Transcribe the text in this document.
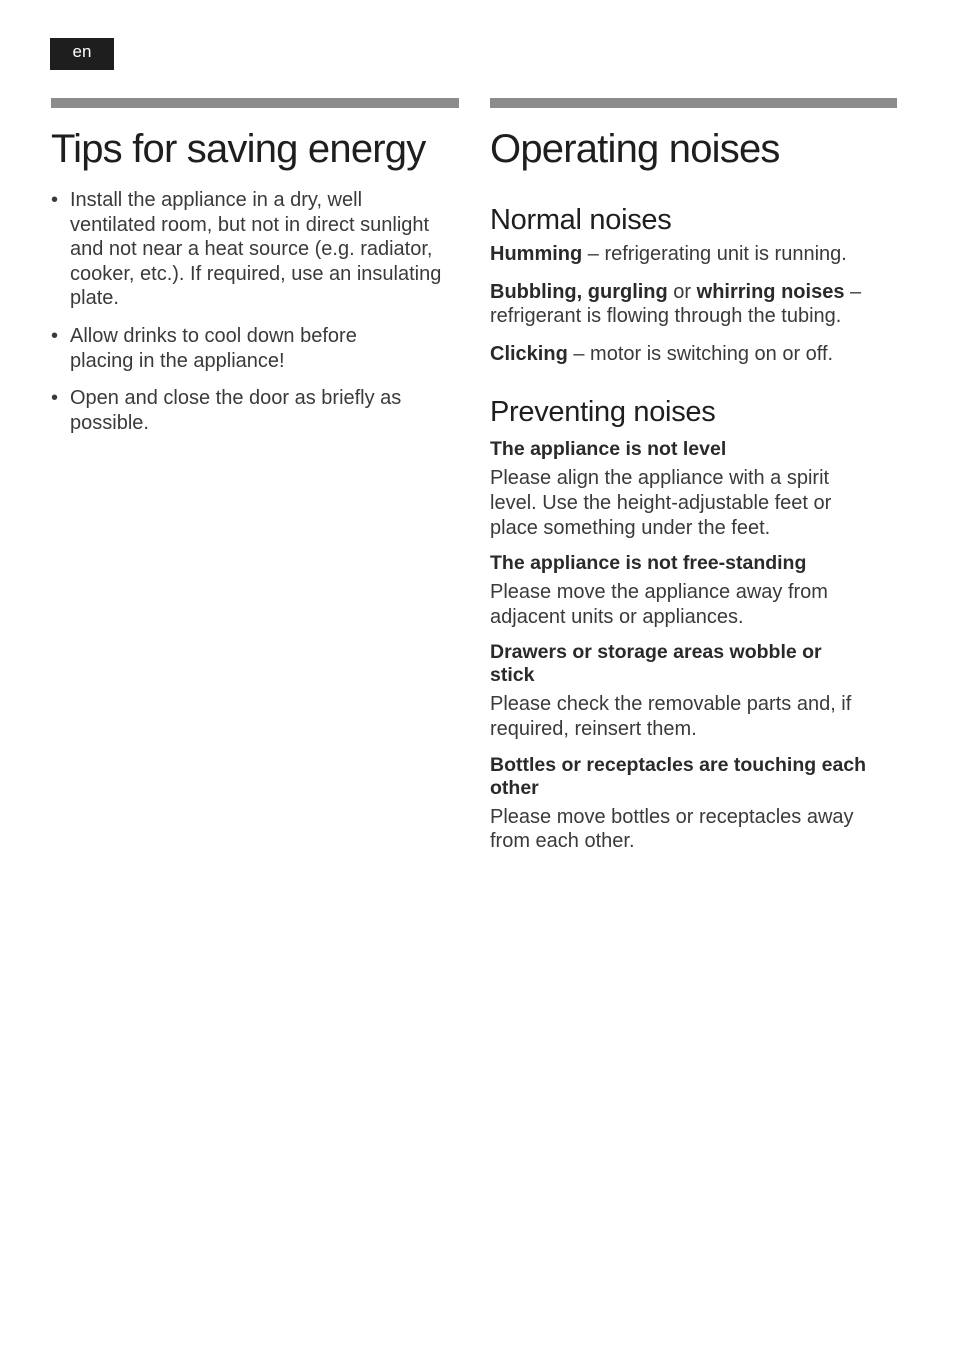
en
Tips for saving energy
• Install the appliance in a dry, well ventilated room, but not in direct sunlight and not near a heat source (e.g. radiator, cooker, etc.). If required, use an insulating plate.
• Allow drinks to cool down before placing in the appliance!
• Open and close the door as briefly as possible.
Operating noises
Normal noises

Humming – refrigerating unit is running.

Bubbling, gurgling or whirring noises – refrigerant is flowing through the tubing.

Clicking – motor is switching on or off.

Preventing noises

The appliance is not level

Please align the appliance with a spirit level. Use the height-adjustable feet or place something under the feet.

The appliance is not free-standing

Please move the appliance away from adjacent units or appliances.

Drawers or storage areas wobble or stick

Please check the removable parts and, if required, reinsert them.

Bottles or receptacles are touching each other

Please move bottles or receptacles away from each other.
